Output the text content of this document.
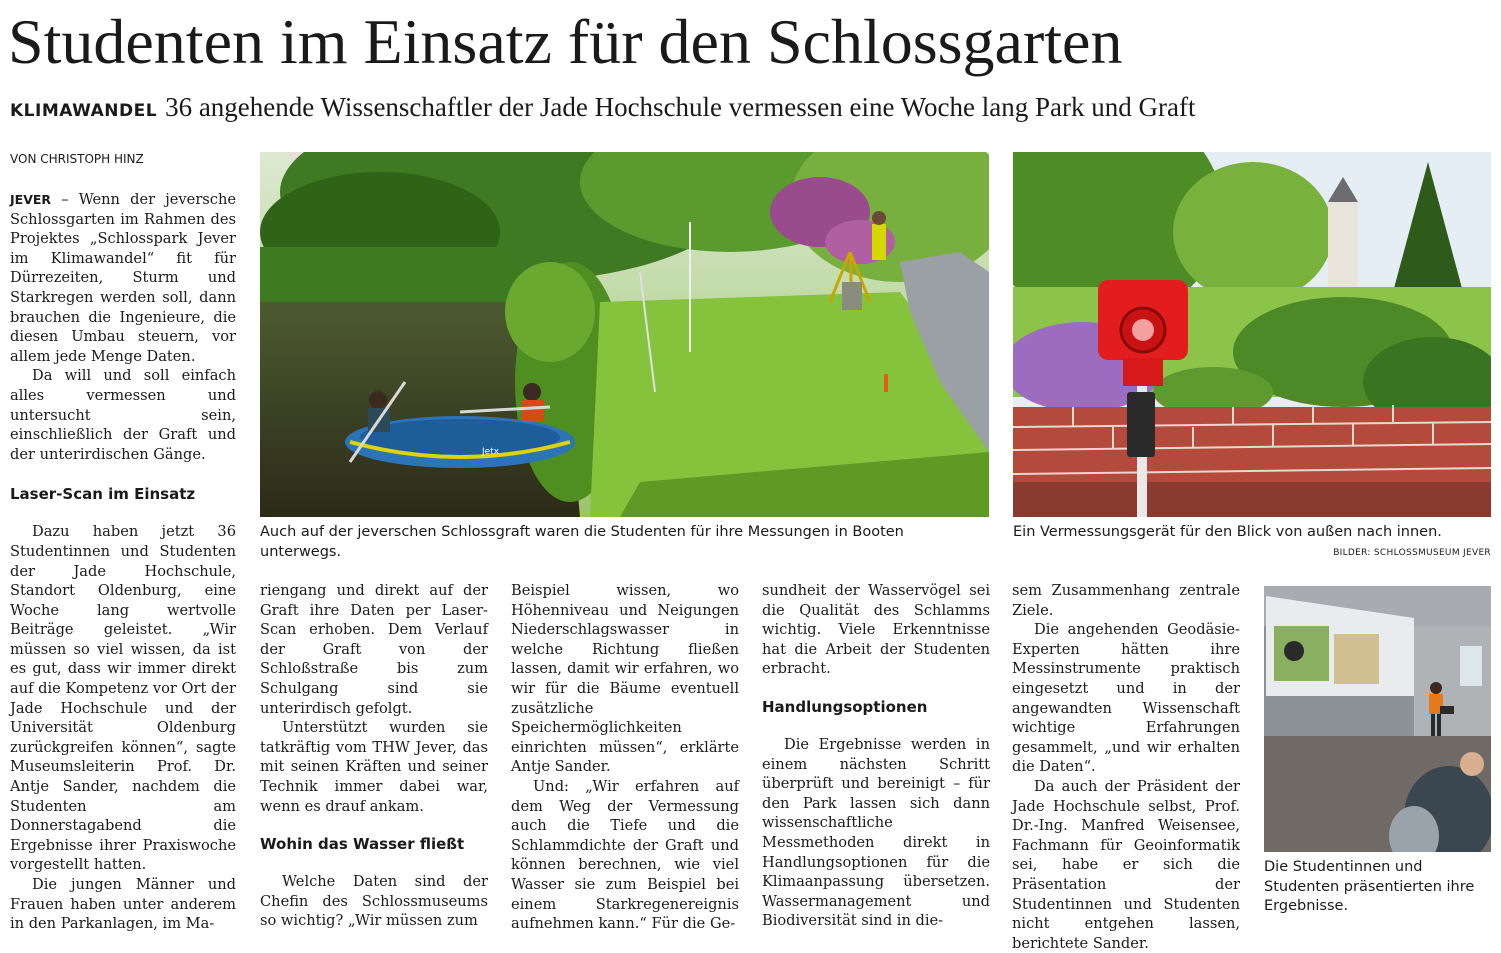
Studenten im Einsatz für den Schlossgarten
KLIMAWANDEL 36 angehende Wissenschaftler der Jade Hochschule vermessen eine Woche lang Park und Graft
VON CHRISTOPH HINZ

JEVER – Wenn der jeversche Schlossgarten im Rahmen des Projektes „Schlosspark Jever im Klimawandel“ fit für Dürrezeiten, Sturm und Starkregen werden soll, dann brauchen die Ingenieure, die diesen Umbau steuern, vor allem jede Menge Daten.

Da will und soll einfach alles vermessen und untersucht sein, einschließlich der Graft und der unterirdischen Gänge.

Laser-Scan im Einsatz

Dazu haben jetzt 36 Studentinnen und Studenten der Jade Hochschule, Standort Oldenburg, eine Woche lang wertvolle Beiträge geleistet. „Wir müssen so viel wissen, da ist es gut, dass wir immer direkt auf die Kompetenz vor Ort der Jade Hochschule und der Universität Oldenburg zurückgreifen können“, sagte Museumsleiterin Prof. Dr. Antje Sander, nachdem die Studenten am Donnerstagabend die Ergebnisse ihrer Praxiswoche vorgestellt hatten.

Die jungen Männer und Frauen haben unter anderem in den Parkanlagen, im Ma-

Jetx
Auch auf der jeverschen Schlossgraft waren die Studenten für ihre Messungen in Booten unterwegs.
Ein Vermessungsgerät für den Blick von außen nach innen.
BILDER: SCHLOSSMUSEUM JEVER

riengang und direkt auf der Graft ihre Daten per Laser-Scan erhoben. Dem Verlauf der Graft von der Schloßstraße bis zum Schulgang sind sie unterirdisch gefolgt.

Unterstützt wurden sie tatkräftig vom THW Jever, das mit seinen Kräften und seiner Technik immer dabei war, wenn es drauf ankam.

Wohin das Wasser fließt

Welche Daten sind der Chefin des Schlossmuseums so wichtig? „Wir müssen zum

Beispiel wissen, wo Höhenniveau und Neigungen Niederschlagswasser in welche Richtung fließen lassen, damit wir erfahren, wo wir für die Bäume eventuell zusätzliche Speichermöglichkeiten einrichten müssen“, erklärte Antje Sander.

Und: „Wir erfahren auf dem Weg der Vermessung auch die Tiefe und die Schlammdichte der Graft und können berechnen, wie viel Wasser sie zum Beispiel bei einem Starkregenereignis aufnehmen kann.“ Für die Ge-

sundheit der Wasservögel sei die Qualität des Schlamms wichtig. Viele Erkenntnisse hat die Arbeit der Studenten erbracht.

Handlungsoptionen

Die Ergebnisse werden in einem nächsten Schritt überprüft und bereinigt – für den Park lassen sich dann wissenschaftliche Messmethoden direkt in Handlungsoptionen für die Klimaanpassung übersetzen. Wassermanagement und Biodiversität sind in die-

sem Zusammenhang zentrale Ziele.

Die angehenden Geodäsie-Experten hätten ihre Messinstrumente praktisch eingesetzt und in der angewandten Wissenschaft wichtige Erfahrungen gesammelt, „und wir erhalten die Daten“.

Da auch der Präsident der Jade Hochschule selbst, Prof. Dr.-Ing. Manfred Weisensee, Fachmann für Geoinformatik sei, habe er sich die Präsentation der Studentinnen und Studenten nicht entgehen lassen, berichtete Sander.

Die Studentinnen und Studenten präsentierten ihre Ergebnisse.
